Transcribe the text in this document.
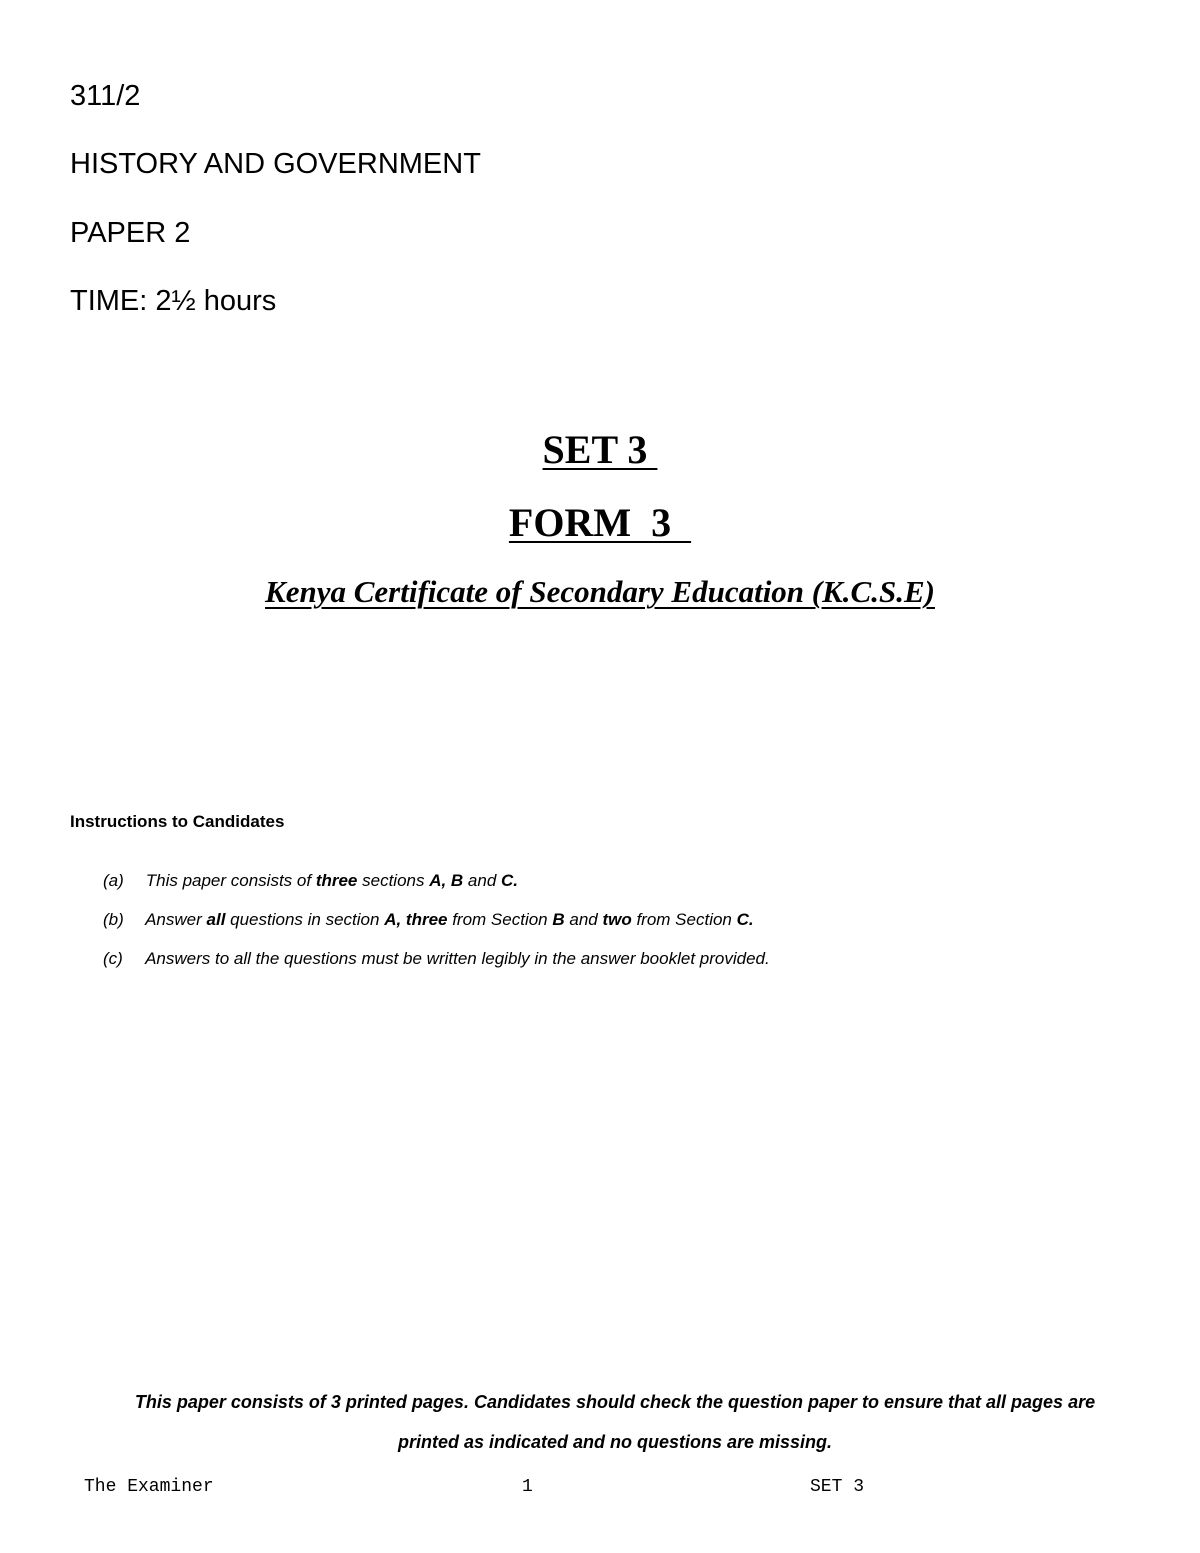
311/2
HISTORY AND GOVERNMENT
PAPER 2
TIME: 2½ hours
SET 3
FORM  3
Kenya Certificate of Secondary Education (K.C.S.E)
Instructions to Candidates
(a) This paper consists of three sections A, B and C.
(b) Answer all questions in section A, three from Section B and two from Section C.
(c) Answers to all the questions must be written legibly in the answer booklet provided.
This paper consists of 3 printed pages. Candidates should check the question paper to ensure that all pages are
printed as indicated and no questions are missing.
The Examiner	1	SET 3
